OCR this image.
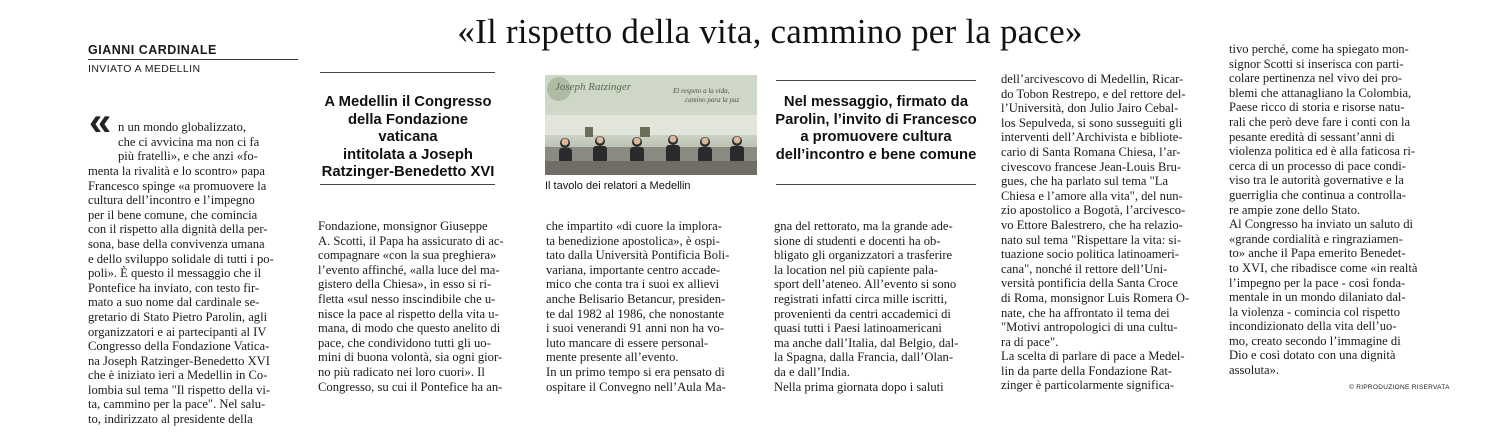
«Il rispetto della vita, cammino per la pace»
GIANNI CARDINALE
INVIATO A MEDELLIN
«	n un mondo globalizzato,
che ci avvicina ma non ci fa
più fratelli», e che anzi «fo-
menta la rivalità e lo scontro» papa
Francesco spinge «a promuovere la
cultura dell’incontro e l’impegno
per il bene comune, che comincia
con il rispetto alla dignità della per-
sona, base della convivenza umana
e dello sviluppo solidale di tutti i po-
poli». È questo il messaggio che il
Pontefice ha inviato, con testo fir-
mato a suo nome dal cardinale se-
gretario di Stato Pietro Parolin, agli
organizzatori e ai partecipanti al IV
Congresso della Fondazione Vatica-
na Joseph Ratzinger-Benedetto XVI
che è iniziato ieri a Medellin in Co-
lombia sul tema "Il rispetto della vi-
ta, cammino per la pace". Nel salu-
to, indirizzato al presidente della

A Medellin il Congresso
della Fondazione vaticana
intitolata a Joseph
Ratzinger-Benedetto XVI
Joseph Ratzinger	El respeto a la vida,
camino para la paz
Il tavolo dei relatori a Medellin
Nel messaggio, firmato da
Parolin, l’invito di Francesco
a promuovere cultura
dell’incontro e bene comune
Fondazione, monsignor Giuseppe
A. Scotti, il Papa ha assicurato di ac-
compagnare «con la sua preghiera»
l’evento affinché, «alla luce del ma-
gistero della Chiesa», in esso si ri-
fletta «sul nesso inscindibile che u-
nisce la pace al rispetto della vita u-
mana, di modo che questo anelito di
pace, che condividono tutti gli uo-
mini di buona volontà, sia ogni gior-
no più radicato nei loro cuori». Il
Congresso, su cui il Pontefice ha an-
che impartito «di cuore la implora-
ta benedizione apostolica», è ospi-
tato dalla Università Pontificia Boli-
variana, importante centro accade-
mico che conta tra i suoi ex allievi
anche Belisario Betancur, presiden-
te dal 1982 al 1986, che nonostante
i suoi venerandi 91 anni non ha vo-
luto mancare di essere personal-
mente presente all’evento.
In un primo tempo si era pensato di
ospitare il Convegno nell’Aula Ma-
gna del rettorato, ma la grande ade-
sione di studenti e docenti ha ob-
bligato gli organizzatori a trasferire
la location nel più capiente pala-
sport dell’ateneo. All’evento si sono
registrati infatti circa mille iscritti,
provenienti da centri accademici di
quasi tutti i Paesi latinoamericani
ma anche dall’Italia, dal Belgio, dal-
la Spagna, dalla Francia, dall’Olan-
da e dall’India.
Nella prima giornata dopo i saluti
dell’arcivescovo di Medellin, Ricar-
do Tobon Restrepo, e del rettore del-
l’Università, don Julio Jairo Cebal-
los Sepulveda, si sono susseguiti gli
interventi dell’Archivista e bibliote-
cario di Santa Romana Chiesa, l’ar-
civescovo francese Jean-Louis Bru-
gues, che ha parlato sul tema "La
Chiesa e l’amore alla vita", del nun-
zio apostolico a Bogotà, l’arcivesco-
vo Ettore Balestrero, che ha relazio-
nato sul tema "Rispettare la vita: si-
tuazione socio politica latinoameri-
cana", nonché il rettore dell’Uni-
versità pontificia della Santa Croce
di Roma, monsignor Luis Romera O-
nate, che ha affrontato il tema dei
"Motivi antropologici di una cultu-
ra di pace".
La scelta di parlare di pace a Medel-
lin da parte della Fondazione Rat-
zinger è particolarmente significa-
tivo perché, come ha spiegato mon-
signor Scotti si inserisca con parti-
colare pertinenza nel vivo dei pro-
blemi che attanagliano la Colombia,
Paese ricco di storia e risorse natu-
rali che però deve fare i conti con la
pesante eredità di sessant’anni di
violenza politica ed è alla faticosa ri-
cerca di un processo di pace condi-
viso tra le autorità governative e la
guerriglia che continua a controlla-
re ampie zone dello Stato.
Al Congresso ha inviato un saluto di
«grande cordialità e ringraziamen-
to» anche il Papa emerito Benedet-
to XVI, che ribadisce come «in realtà
l’impegno per la pace - così fonda-
mentale in un mondo dilaniato dal-
la violenza - comincia col rispetto
incondizionato della vita dell’uo-
mo, creato secondo l’immagine di
Dio e così dotato con una dignità
assoluta».
© RIPRODUZIONE RISERVATA
